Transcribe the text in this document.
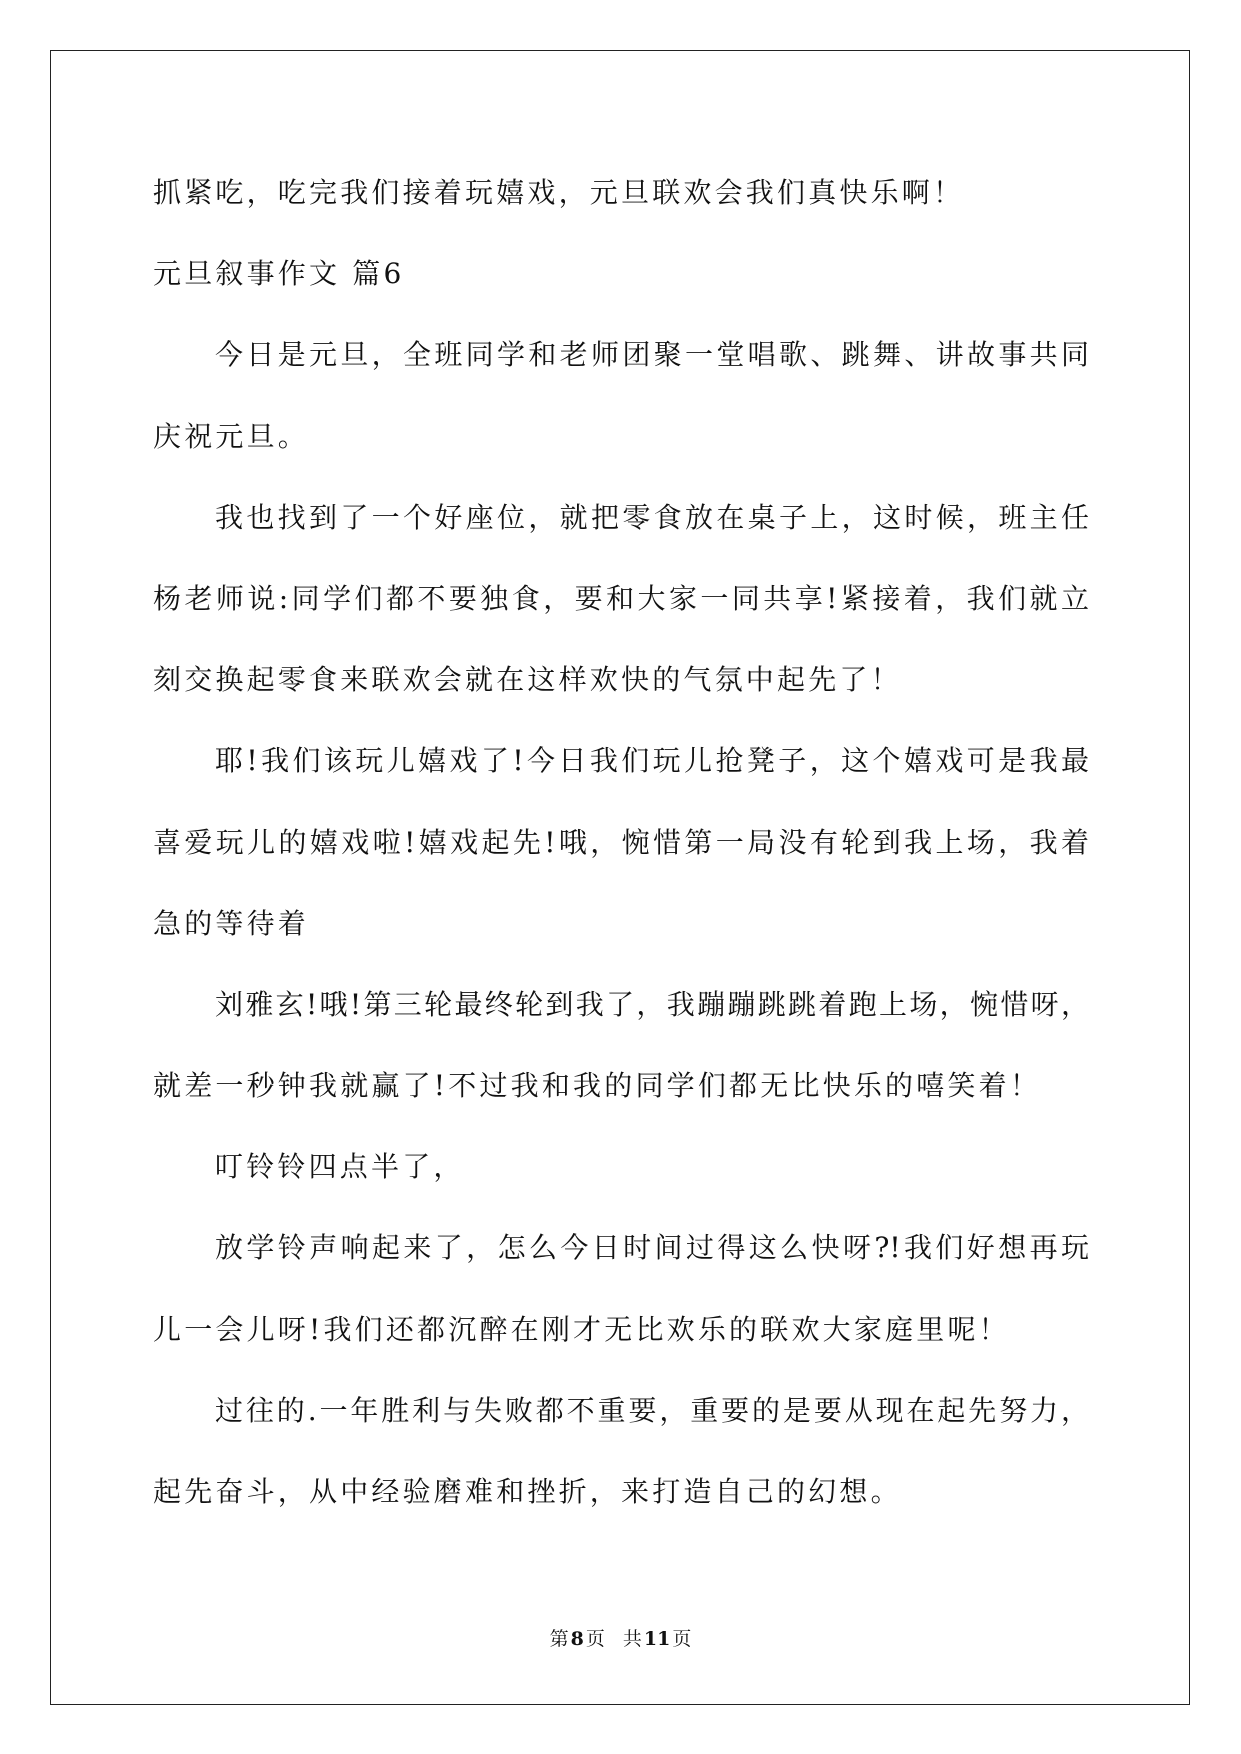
抓紧吃，吃完我们接着玩嬉戏，元旦联欢会我们真快乐啊！
元旦叙事作文 篇6
今日是元旦，全班同学和老师团聚一堂唱歌、跳舞、讲故事共同
庆祝元旦。
我也找到了一个好座位，就把零食放在桌子上，这时候，班主任
杨老师说:同学们都不要独食，要和大家一同共享!紧接着，我们就立
刻交换起零食来联欢会就在这样欢快的气氛中起先了！
耶!我们该玩儿嬉戏了!今日我们玩儿抢凳子，这个嬉戏可是我最
喜爱玩儿的嬉戏啦!嬉戏起先!哦，惋惜第一局没有轮到我上场，我着
急的等待着
刘雅玄!哦!第三轮最终轮到我了，我蹦蹦跳跳着跑上场，惋惜呀，
就差一秒钟我就赢了!不过我和我的同学们都无比快乐的嘻笑着！
叮铃铃四点半了，
放学铃声响起来了，怎么今日时间过得这么快呀?!我们好想再玩
儿一会儿呀!我们还都沉醉在刚才无比欢乐的联欢大家庭里呢！
过往的.一年胜利与失败都不重要，重要的是要从现在起先努力，
起先奋斗，从中经验磨难和挫折，来打造自己的幻想。
第 8 页 共 11 页
